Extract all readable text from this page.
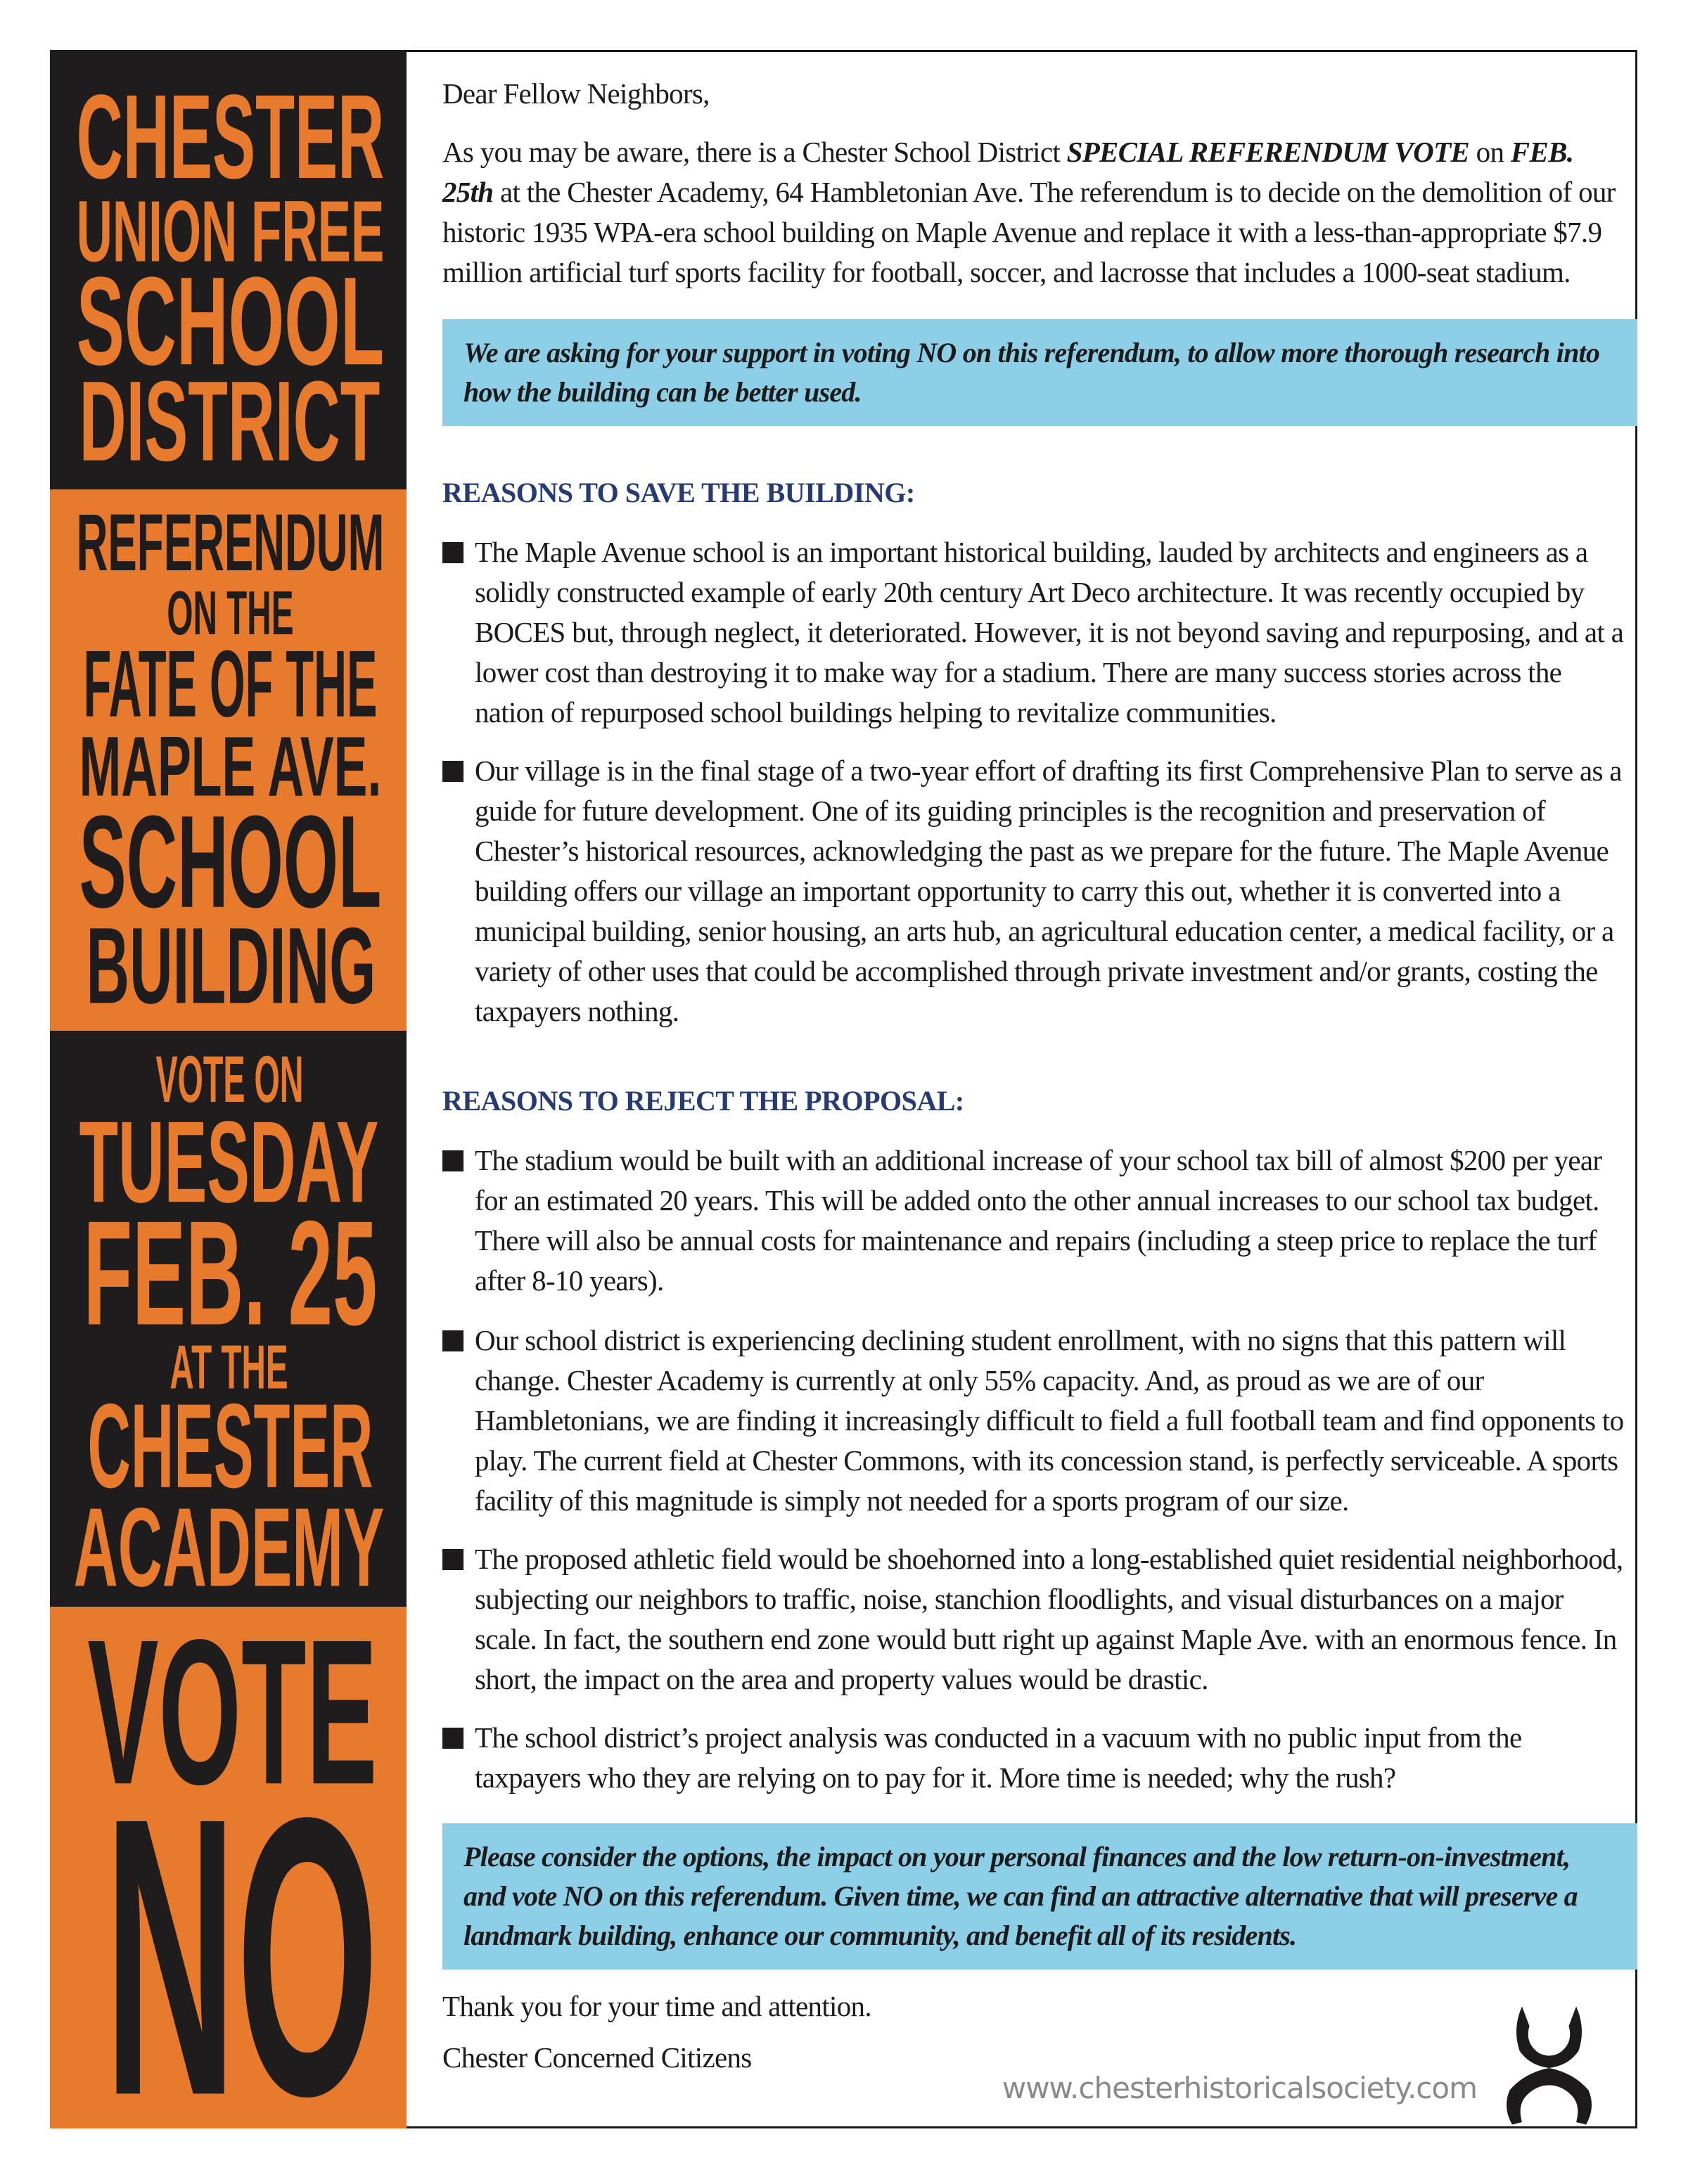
CHESTER
UNION FREE
SCHOOL
DISTRICT
REFERENDUM
ON THE
FATE OF THE
MAPLE AVE.
SCHOOL
BUILDING
VOTE ON
TUESDAY
FEB. 25
AT THE
CHESTER
ACADEMY
VOTE
NO
Dear Fellow Neighbors,
As you may be aware, there is a Chester School District SPECIAL REFERENDUM VOTE on FEB. 25th at the Chester Academy, 64 Hambletonian Ave. The referendum is to decide on the demolition of our historic 1935 WPA-era school building on Maple Avenue and replace it with a less-than-appropriate $7.9 million artificial turf sports facility for football, soccer, and lacrosse that includes a 1000-seat stadium.
We are asking for your support in voting NO on this referendum, to allow more thorough research into how the building can be better used.
REASONS TO SAVE THE BUILDING:
The Maple Avenue school is an important historical building, lauded by architects and engineers as a solidly constructed example of early 20th century Art Deco architecture. It was recently occupied by BOCES but, through neglect, it deteriorated. However, it is not beyond saving and repurposing, and at a lower cost than destroying it to make way for a stadium. There are many success stories across the nation of repurposed school buildings helping to revitalize communities.
Our village is in the final stage of a two-year effort of drafting its first Comprehensive Plan to serve as a guide for future development. One of its guiding principles is the recognition and preservation of Chester’s historical resources, acknowledging the past as we prepare for the future. The Maple Avenue building offers our village an important opportunity to carry this out, whether it is converted into a municipal building, senior housing, an arts hub, an agricultural education center, a medical facility, or a variety of other uses that could be accomplished through private investment and/or grants, costing the taxpayers nothing.
REASONS TO REJECT THE PROPOSAL:
The stadium would be built with an additional increase of your school tax bill of almost $200 per year for an estimated 20 years. This will be added onto the other annual increases to our school tax budget. There will also be annual costs for maintenance and repairs (including a steep price to replace the turf after 8-10 years).
Our school district is experiencing declining student enrollment, with no signs that this pattern will change. Chester Academy is currently at only 55% capacity. And, as proud as we are of our Hambletonians, we are finding it increasingly difficult to field a full football team and find opponents to play. The current field at Chester Commons, with its concession stand, is perfectly serviceable. A sports facility of this magnitude is simply not needed for a sports program of our size.
The proposed athletic field would be shoehorned into a long-established quiet residential neighborhood, subjecting our neighbors to traffic, noise, stanchion floodlights, and visual disturbances on a major scale. In fact, the southern end zone would butt right up against Maple Ave. with an enormous fence. In short, the impact on the area and property values would be drastic.
The school district’s project analysis was conducted in a vacuum with no public input from the taxpayers who they are relying on to pay for it. More time is needed; why the rush?
Please consider the options, the impact on your personal finances and the low return-on-investment, and vote NO on this referendum. Given time, we can find an attractive alternative that will preserve a landmark building, enhance our community, and benefit all of its residents.
Thank you for your time and attention.
Chester Concerned Citizens
www.chesterhistoricalsociety.com
